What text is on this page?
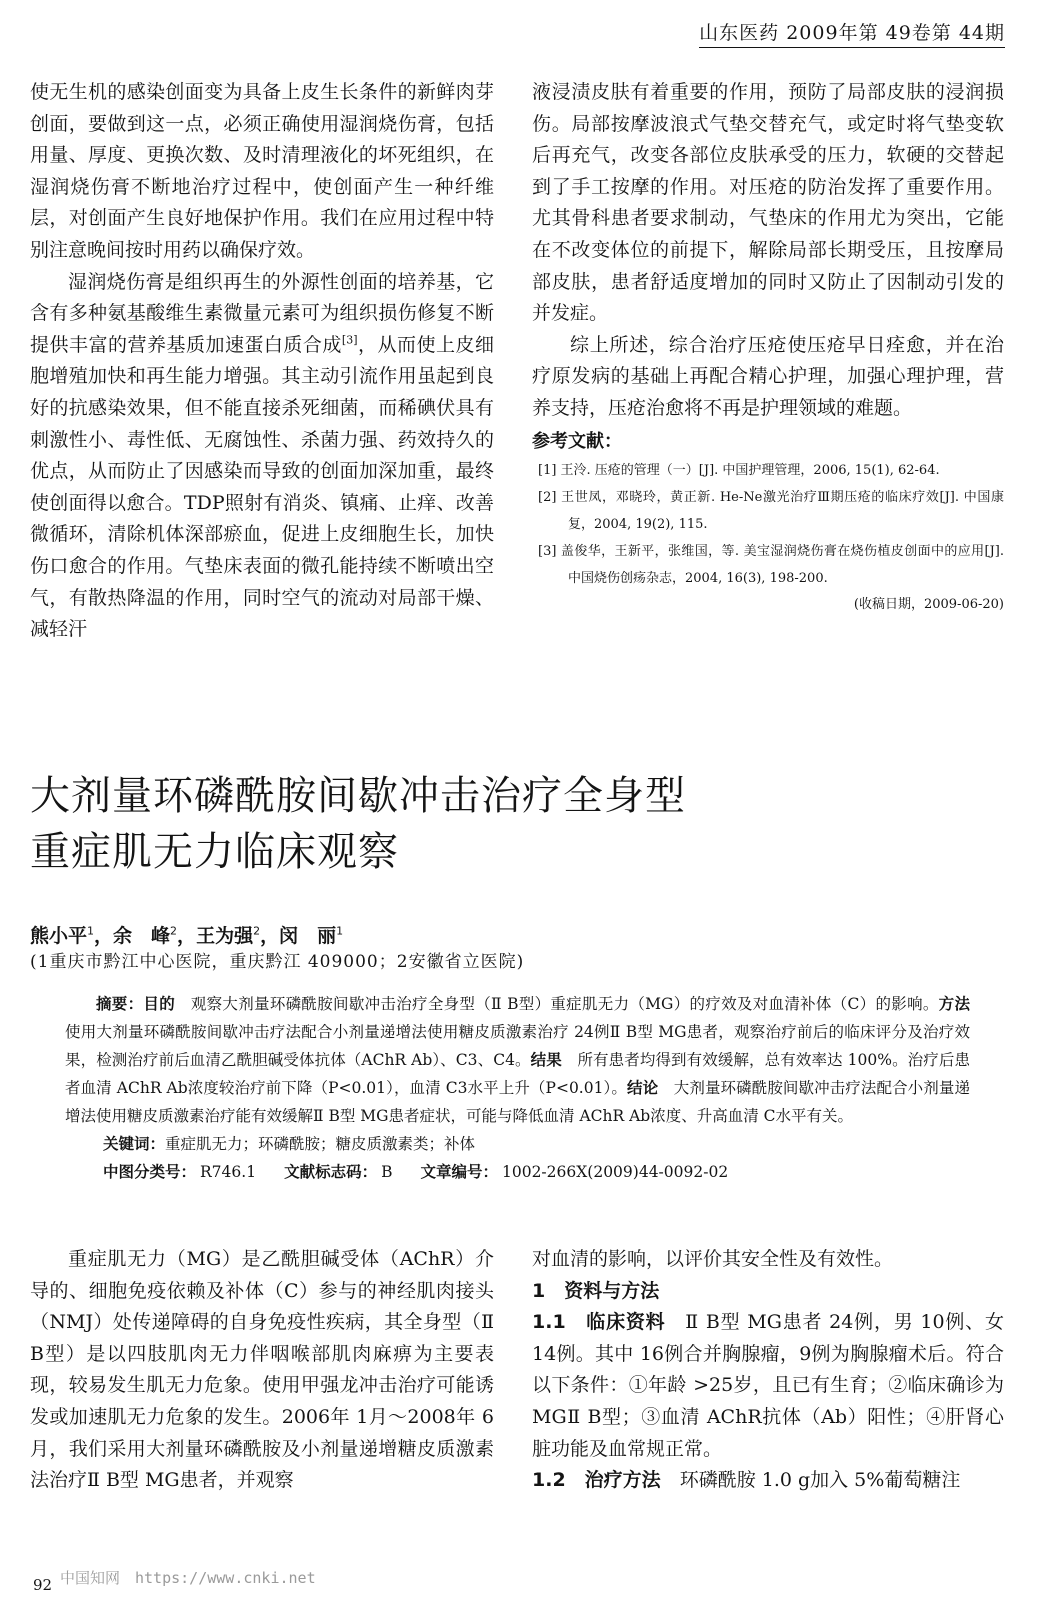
山东医药 2009年第 49卷第 44期

使无生机的感染创面变为具备上皮生长条件的新鲜肉芽创面，要做到这一点，必须正确使用湿润烧伤膏，包括用量、厚度、更换次数、及时清理液化的坏死组织，在湿润烧伤膏不断地治疗过程中，使创面产生一种纤维层，对创面产生良好地保护作用。我们在应用过程中特别注意晚间按时用药以确保疗效。

湿润烧伤膏是组织再生的外源性创面的培养基，它含有多种氨基酸维生素微量元素可为组织损伤修复不断提供丰富的营养基质加速蛋白质合成[3]，从而使上皮细胞增殖加快和再生能力增强。其主动引流作用虽起到良好的抗感染效果，但不能直接杀死细菌，而稀碘伏具有刺激性小、毒性低、无腐蚀性、杀菌力强、药效持久的优点，从而防止了因感染而导致的创面加深加重，最终使创面得以愈合。TDP照射有消炎、镇痛、止痒、改善微循环，清除机体深部瘀血，促进上皮细胞生长，加快伤口愈合的作用。气垫床表面的微孔能持续不断喷出空气，有散热降温的作用，同时空气的流动对局部干燥、减轻汗

液浸渍皮肤有着重要的作用，预防了局部皮肤的浸润损伤。局部按摩波浪式气垫交替充气，或定时将气垫变软后再充气，改变各部位皮肤承受的压力，软硬的交替起到了手工按摩的作用。对压疮的防治发挥了重要作用。尤其骨科患者要求制动，气垫床的作用尤为突出，它能在不改变体位的前提下，解除局部长期受压，且按摩局部皮肤，患者舒适度增加的同时又防止了因制动引发的并发症。

综上所述，综合治疗压疮使压疮早日痊愈，并在治疗原发病的基础上再配合精心护理，加强心理护理，营养支持，压疮治愈将不再是护理领域的难题。

参考文献：
[1] 王泠. 压疮的管理（一）[J]. 中国护理管理，2006, 15(1), 62-64.
[2] 王世凤，邓晓玲，黄正新. He-Ne激光治疗Ⅲ期压疮的临床疗效[J]. 中国康复，2004, 19(2), 115.
[3] 盖俊华，王新平，张维国，等. 美宝湿润烧伤膏在烧伤植皮创面中的应用[J]. 中国烧伤创疡杂志，2004, 16(3), 198-200.
(收稿日期，2009-06-20)
大剂量环磷酰胺间歇冲击治疗全身型
重症肌无力临床观察
熊小平$^1$，余　峰$^2$，王为强$^2$，闵　丽$^1$
(1重庆市黔江中心医院，重庆黔江 409000；2安徽省立医院)

摘要：目的　 观察大剂量环磷酰胺间歇冲击治疗全身型（Ⅱ B型）重症肌无力（MG）的疗效及对血清补体（C）的影响。方法　使用大剂量环磷酰胺间歇冲击疗法配合小剂量递增法使用糖皮质激素治疗 24例Ⅱ B型 MG患者，观察治疗前后的临床评分及治疗效果，检测治疗前后血清乙酰胆碱受体抗体（AChR Ab）、C3、C4。结果　 所有患者均得到有效缓解，总有效率达 100%。治疗后患者血清 AChR Ab浓度较治疗前下降（P<0.01），血清 C3水平上升（P<0.01）。结论　 大剂量环磷酰胺间歇冲击疗法配合小剂量递增法使用糖皮质激素治疗能有效缓解Ⅱ B型 MG患者症状，可能与降低血清 AChR Ab浓度、升高血清 C水平有关。

关键词：重症肌无力；环磷酰胺；糖皮质激素类；补体

中图分类号： R746.1 文献标志码： B 文章编号： 1002-266X(2009)44-0092-02

重症肌无力（MG）是乙酰胆碱受体（AChR）介导的、细胞免疫依赖及补体（C）参与的神经肌肉接头（NMJ）处传递障碍的自身免疫性疾病，其全身型（Ⅱ B型）是以四肢肌肉无力伴咽喉部肌肉麻痹为主要表现，较易发生肌无力危象。使用甲强龙冲击治疗可能诱发或加速肌无力危象的发生。2006年 1月～2008年 6月，我们采用大剂量环磷酰胺及小剂量递增糖皮质激素法治疗Ⅱ B型 MG患者，并观察

对血清的影响，以评价其安全性及有效性。

1　资料与方法

1.1　临床资料　 Ⅱ B型 MG患者 24例，男 10例、女 14例。其中 16例合并胸腺瘤，9例为胸腺瘤术后。符合以下条件：①年龄 >25岁，且已有生育；②临床确诊为 MGⅡ B型；③血清 AChR抗体（Ab）阳性；④肝肾心脏功能及血常规正常。

1.2　治疗方法　 环磷酰胺 1.0 g加入 5%葡萄糖注

中国知网　https://www.cnki.net
92
